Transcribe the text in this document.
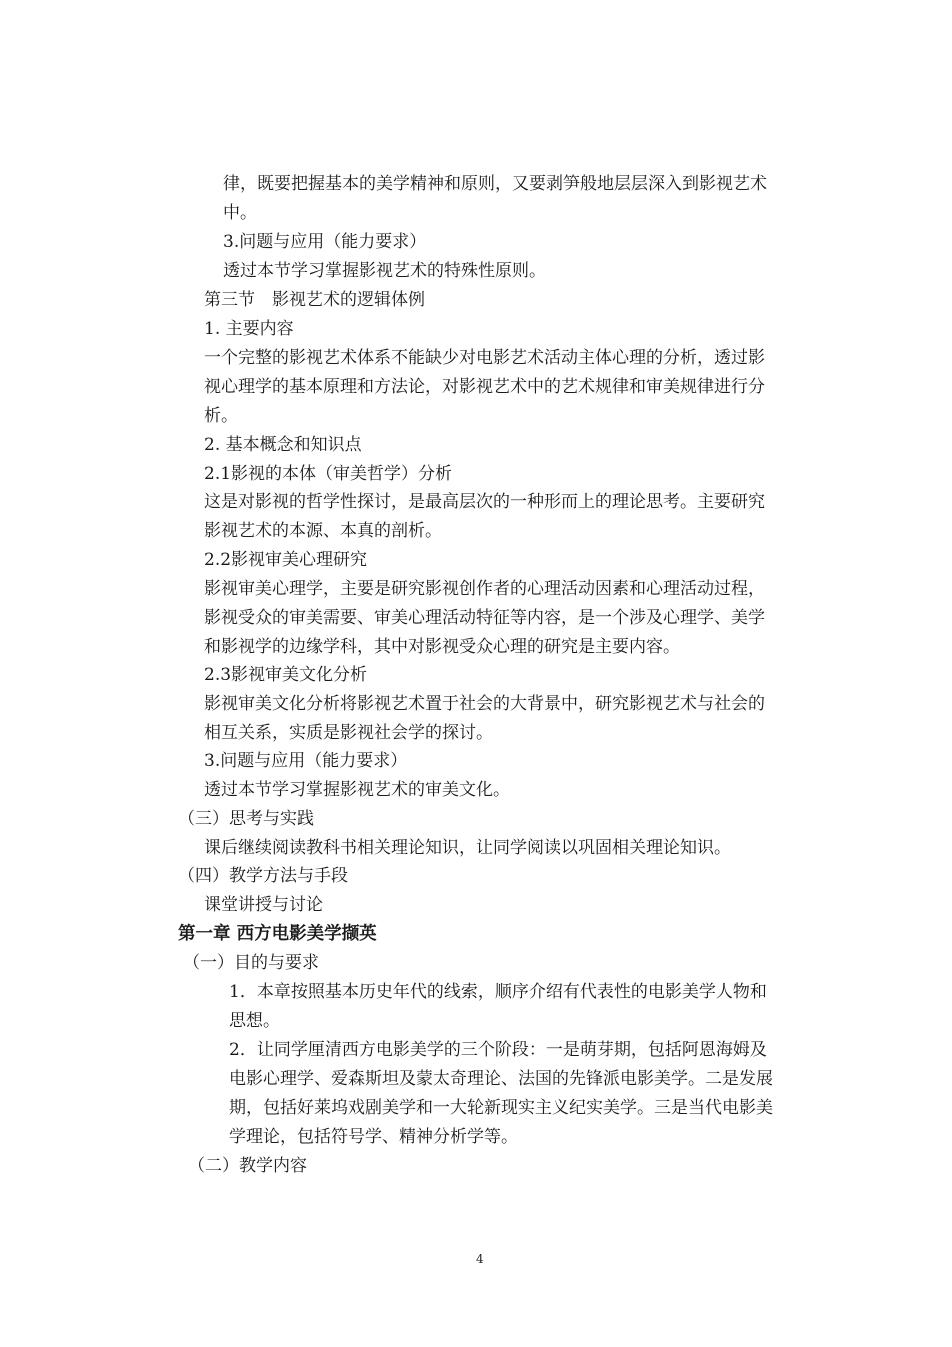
律，既要把握基本的美学精神和原则，又要剥笋般地层层深入到影视艺术
中。
3.问题与应用（能力要求）
透过本节学习掌握影视艺术的特殊性原则。
第三节　影视艺术的逻辑体例
1. 主要内容
一个完整的影视艺术体系不能缺少对电影艺术活动主体心理的分析，透过影
视心理学的基本原理和方法论，对影视艺术中的艺术规律和审美规律进行分
析。
2. 基本概念和知识点
2.1影视的本体（审美哲学）分析
这是对影视的哲学性探讨，是最高层次的一种形而上的理论思考。主要研究
影视艺术的本源、本真的剖析。
2.2影视审美心理研究
影视审美心理学，主要是研究影视创作者的心理活动因素和心理活动过程，
影视受众的审美需要、审美心理活动特征等内容，是一个涉及心理学、美学
和影视学的边缘学科，其中对影视受众心理的研究是主要内容。
2.3影视审美文化分析
影视审美文化分析将影视艺术置于社会的大背景中，研究影视艺术与社会的
相互关系，实质是影视社会学的探讨。
3.问题与应用（能力要求）
透过本节学习掌握影视艺术的审美文化。
（三）思考与实践
课后继续阅读教科书相关理论知识，让同学阅读以巩固相关理论知识。
（四）教学方法与手段
课堂讲授与讨论
第一章 西方电影美学撷英
（一）目的与要求
1．本章按照基本历史年代的线索，顺序介绍有代表性的电影美学人物和
思想。
2．让同学厘清西方电影美学的三个阶段：一是萌芽期，包括阿恩海姆及
电影心理学、爱森斯坦及蒙太奇理论、法国的先锋派电影美学。二是发展
期，包括好莱坞戏剧美学和一大轮新现实主义纪实美学。三是当代电影美
学理论，包括符号学、精神分析学等。
（二）教学内容
4
